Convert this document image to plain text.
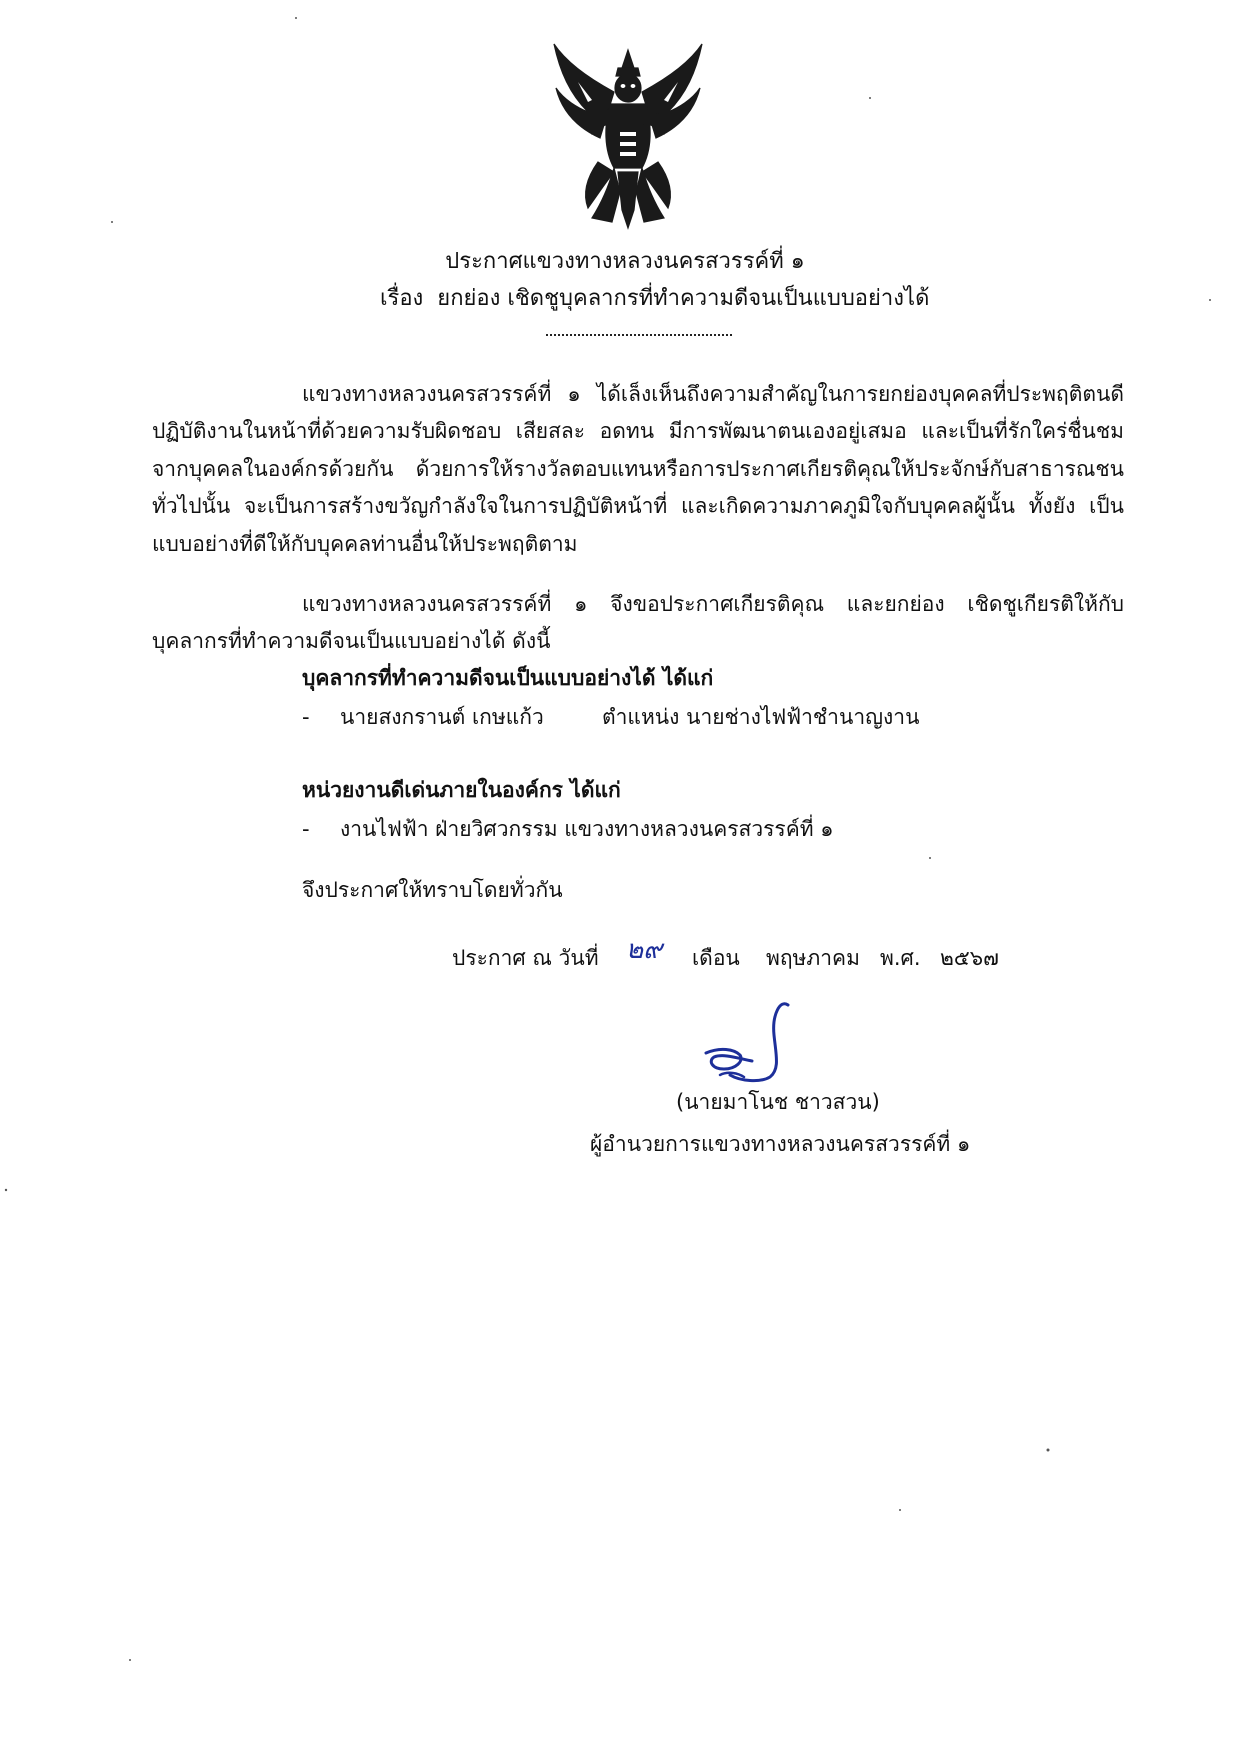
ประกาศแขวงทางหลวงนครสวรรค์ที่ ๑
เรื่อง ยกย่อง เชิดชูบุคลากรที่ทำความดีจนเป็นแบบอย่างได้

แขวงทางหลวงนครสวรรค์ที่ ๑ ได้เล็งเห็นถึงความสำคัญในการยกย่องบุคคลที่ประพฤติตนดี ปฏิบัติงานในหน้าที่ด้วยความรับผิดชอบ เสียสละ อดทน มีการพัฒนาตนเองอยู่เสมอ และเป็นที่รักใคร่ชื่นชม จากบุคคลในองค์กรด้วยกัน ด้วยการให้รางวัลตอบแทนหรือการประกาศเกียรติคุณให้ประจักษ์กับสาธารณชน ทั่วไปนั้น จะเป็นการสร้างขวัญกำลังใจในการปฏิบัติหน้าที่ และเกิดความภาคภูมิใจกับบุคคลผู้นั้น ทั้งยัง เป็นแบบอย่างที่ดีให้กับบุคคลท่านอื่นให้ประพฤติตาม

แขวงทางหลวงนครสวรรค์ที่ ๑ จึงขอประกาศเกียรติคุณ และยกย่อง เชิดชูเกียรติให้กับ บุคลากรที่ทำความดีจนเป็นแบบอย่างได้ ดังนี้

บุคลากรที่ทำความดีจนเป็นแบบอย่างได้ ได้แก่
- นายสงกรานต์ เกษแก้ว	ตำแหน่ง นายช่างไฟฟ้าชำนาญงาน
หน่วยงานดีเด่นภายในองค์กร ได้แก่
- งานไฟฟ้า ฝ่ายวิศวกรรม แขวงทางหลวงนครสวรรค์ที่ ๑
จึงประกาศให้ทราบโดยทั่วกัน
ประกาศ ณ วันที่ ๒๙ เดือน พฤษภาคม พ.ศ. ๒๕๖๗
(นายมาโนช ชาวสวน)
ผู้อำนวยการแขวงทางหลวงนครสวรรค์ที่ ๑
